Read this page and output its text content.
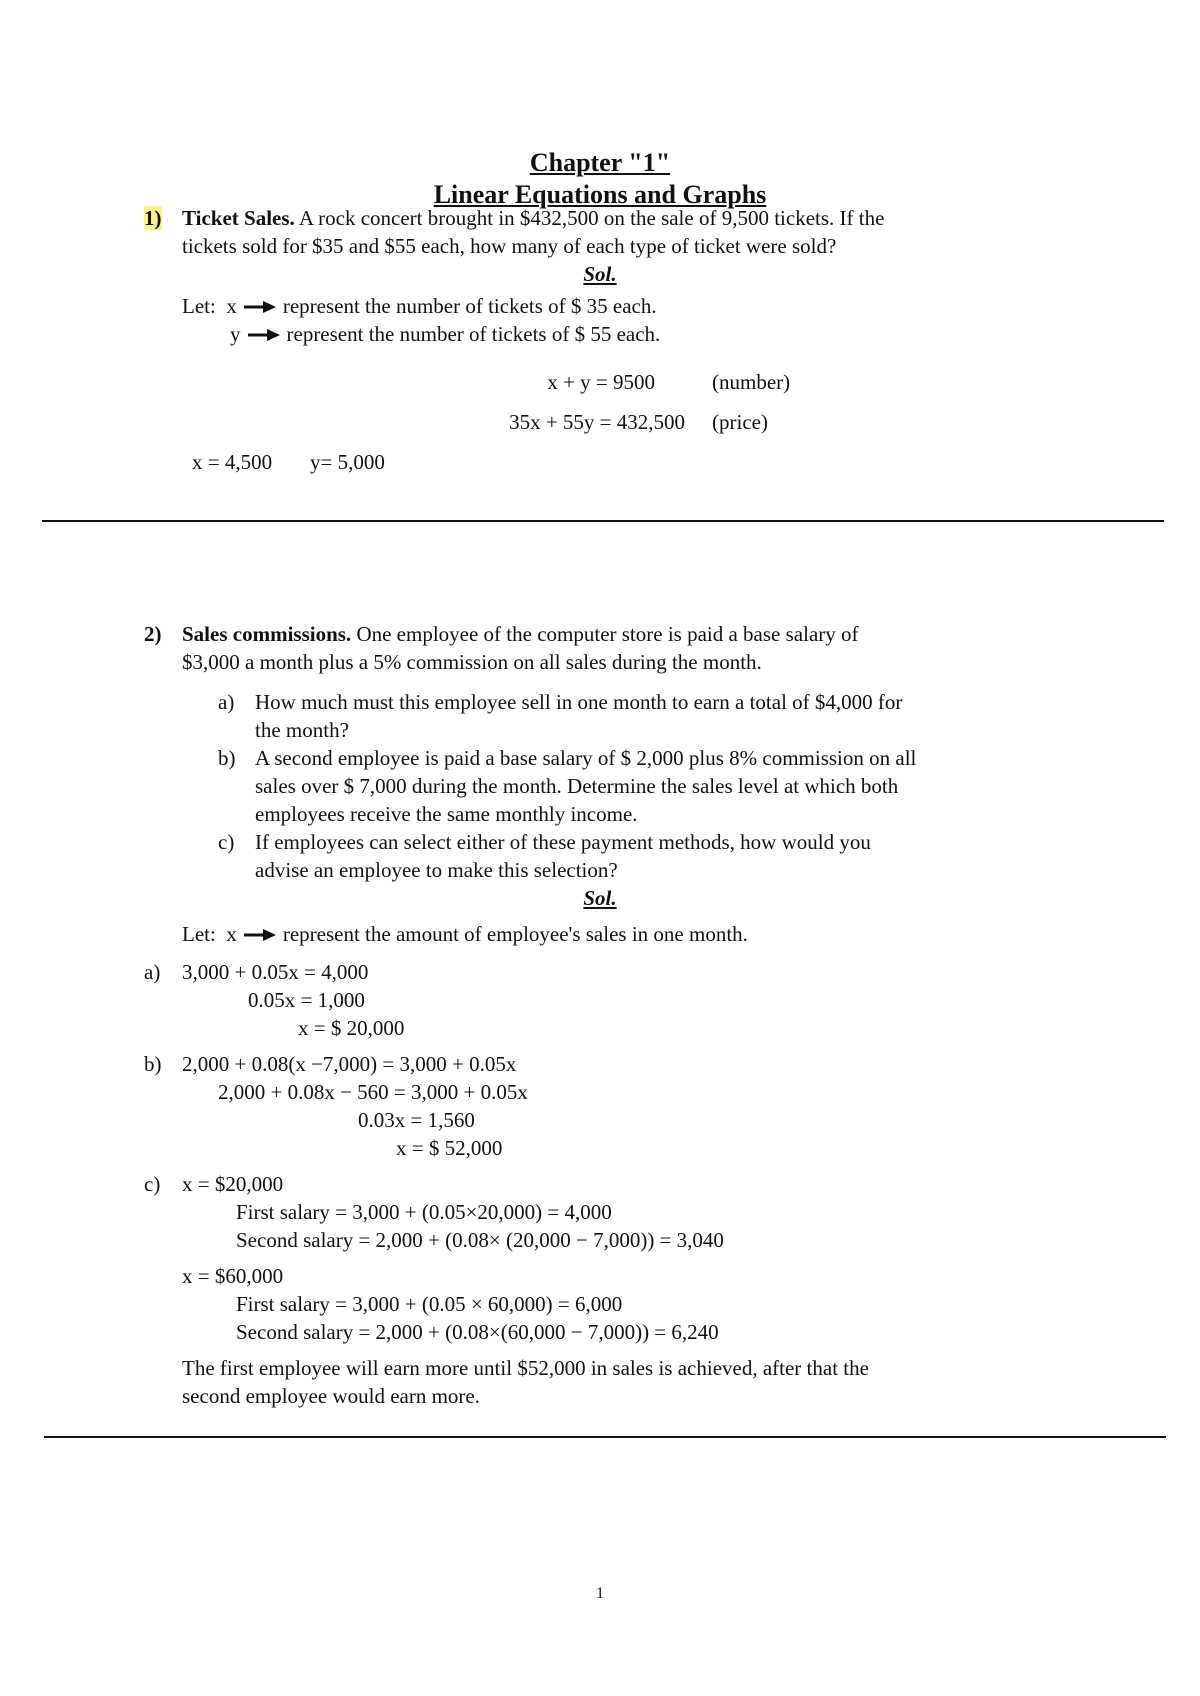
Chapter "1"
Linear Equations and Graphs
1) Ticket Sales. A rock concert brought in $432,500 on the sale of 9,500 tickets. If the
tickets sold for $35 and $55 each, how many of each type of ticket were sold?
Sol.
Let: x represent the number of tickets of $ 35 each.
y represent the number of tickets of $ 55 each.
x + y = 9500	(number)
35x + 55y = 432,500 (price)
x = 4,500 y= 5,000
2) Sales commissions. One employee of the computer store is paid a base salary of
$3,000 a month plus a 5% commission on all sales during the month.
a) How much must this employee sell in one month to earn a total of $4,000 for
the month?
b) A second employee is paid a base salary of $ 2,000 plus 8% commission on all
sales over $ 7,000 during the month. Determine the sales level at which both
employees receive the same monthly income.
c) If employees can select either of these payment methods, how would you
advise an employee to make this selection?
Sol.
Let: x represent the amount of employee's sales in one month.
a) 3,000 + 0.05x = 4,000
0.05x = 1,000
x = $ 20,000
b) 2,000 + 0.08(x −7,000) = 3,000 + 0.05x
2,000 + 0.08x − 560 = 3,000 + 0.05x
0.03x = 1,560
x = $ 52,000
c) x = $20,000
First salary = 3,000 + (0.05×20,000) = 4,000
Second salary = 2,000 + (0.08× (20,000 − 7,000)) = 3,040
x = $60,000
First salary = 3,000 + (0.05 × 60,000) = 6,000
Second salary = 2,000 + (0.08×(60,000 − 7,000)) = 6,240
The first employee will earn more until $52,000 in sales is achieved, after that the
second employee would earn more.
1
